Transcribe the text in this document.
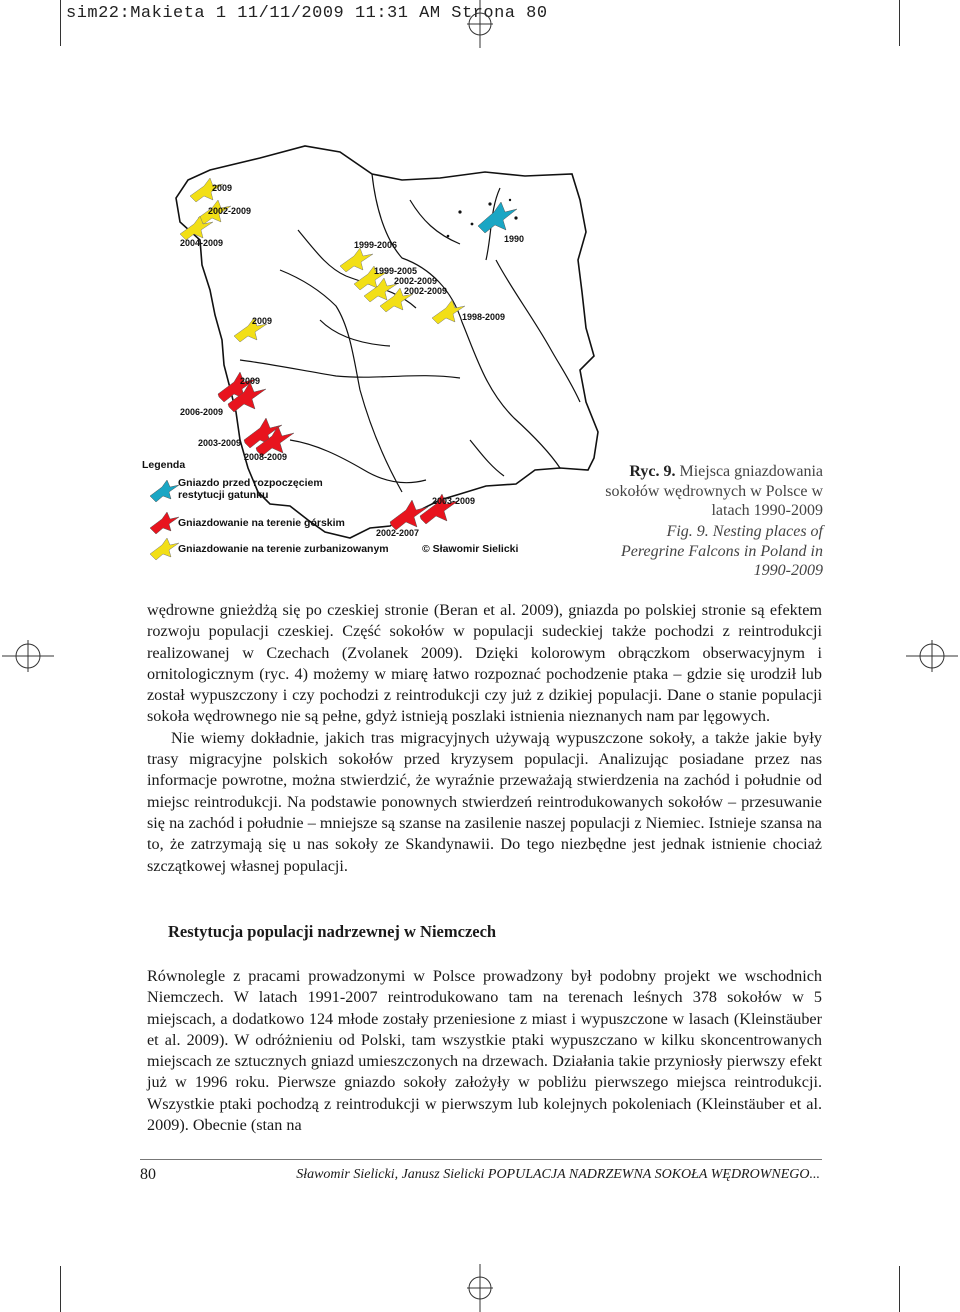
sim22:Makieta 1 11/11/2009 11:31 AM Strona 80
2009
2002-2009
2004-2009	1999-2006
1999-2005
2002-2009
2002-2009
1998-2009
1990
2009
2009
2006-2009
2003-2009
2008-2009
2003-2009
2002-2007
Legenda
Gniazdo przed rozpoczęciem
restytucji gatunku
Gniazdowanie na terenie górskim
Gniazdowanie na terenie zurbanizowanym	© Sławomir Sielicki
Ryc. 9. Miejsca gniazdowania sokołów wędrownych w Polsce w latach 1990-2009
Fig. 9. Nesting places of Peregrine Falcons in Poland in 1990-2009

wędrowne gnieżdżą się po czeskiej stronie (Beran et al. 2009), gniazda po polskiej stronie są efektem rozwoju populacji czeskiej. Część sokołów w populacji sudeckiej także pochodzi z reintrodukcji realizowanej w Czechach (Zvolanek 2009). Dzięki kolorowym obrączkom obserwacyjnym i ornitologicznym (ryc. 4) możemy w miarę łatwo rozpoznać pochodzenie ptaka – gdzie się urodził lub został wypuszczony i czy pochodzi z reintrodukcji czy już z dzikiej populacji. Dane o stanie populacji sokoła wędrownego nie są pełne, gdyż istnieją poszlaki istnienia nieznanych nam par lęgowych.

Nie wiemy dokładnie, jakich tras migracyjnych używają wypuszczone sokoły, a także jakie były trasy migracyjne polskich sokołów przed kryzysem populacji. Analizując posiadane przez nas informacje powrotne, można stwierdzić, że wyraźnie przeważają stwierdzenia na zachód i południe od miejsc reintrodukcji. Na podstawie ponownych stwierdzeń reintrodukowanych sokołów – przesuwanie się na zachód i południe – mniejsze są szanse na zasilenie naszej populacji z Niemiec. Istnieje szansa na to, że zatrzymają się u nas sokoły ze Skandynawii. Do tego niezbędne jest jednak istnienie chociaż szczątkowej własnej populacji.

Restytucja populacji nadrzewnej w Niemczech

Równolegle z pracami prowadzonymi w Polsce prowadzony był podobny projekt we wschodnich Niemczech. W latach 1991-2007 reintrodukowano tam na terenach leśnych 378 sokołów w 5 miejscach, a dodatkowo 124 młode zostały przeniesione z miast i wypuszczone w lasach (Kleinstäuber et al. 2009). W odróżnieniu od Polski, tam wszystkie ptaki wypuszczano w kilku skoncentrowanych miejscach ze sztucznych gniazd umieszczonych na drzewach. Działania takie przyniosły pierwszy efekt już w 1996 roku. Pierwsze gniazdo sokoły założyły w pobliżu pierwszego miejsca reintrodukcji. Wszystkie ptaki pochodzą z reintrodukcji w pierwszym lub kolejnych pokoleniach (Kleinstäuber et al. 2009). Obecnie (stan na

80	Sławomir Sielicki, Janusz Sielicki POPULACJA NADRZEWNA SOKOŁA WĘDROWNEGO...
